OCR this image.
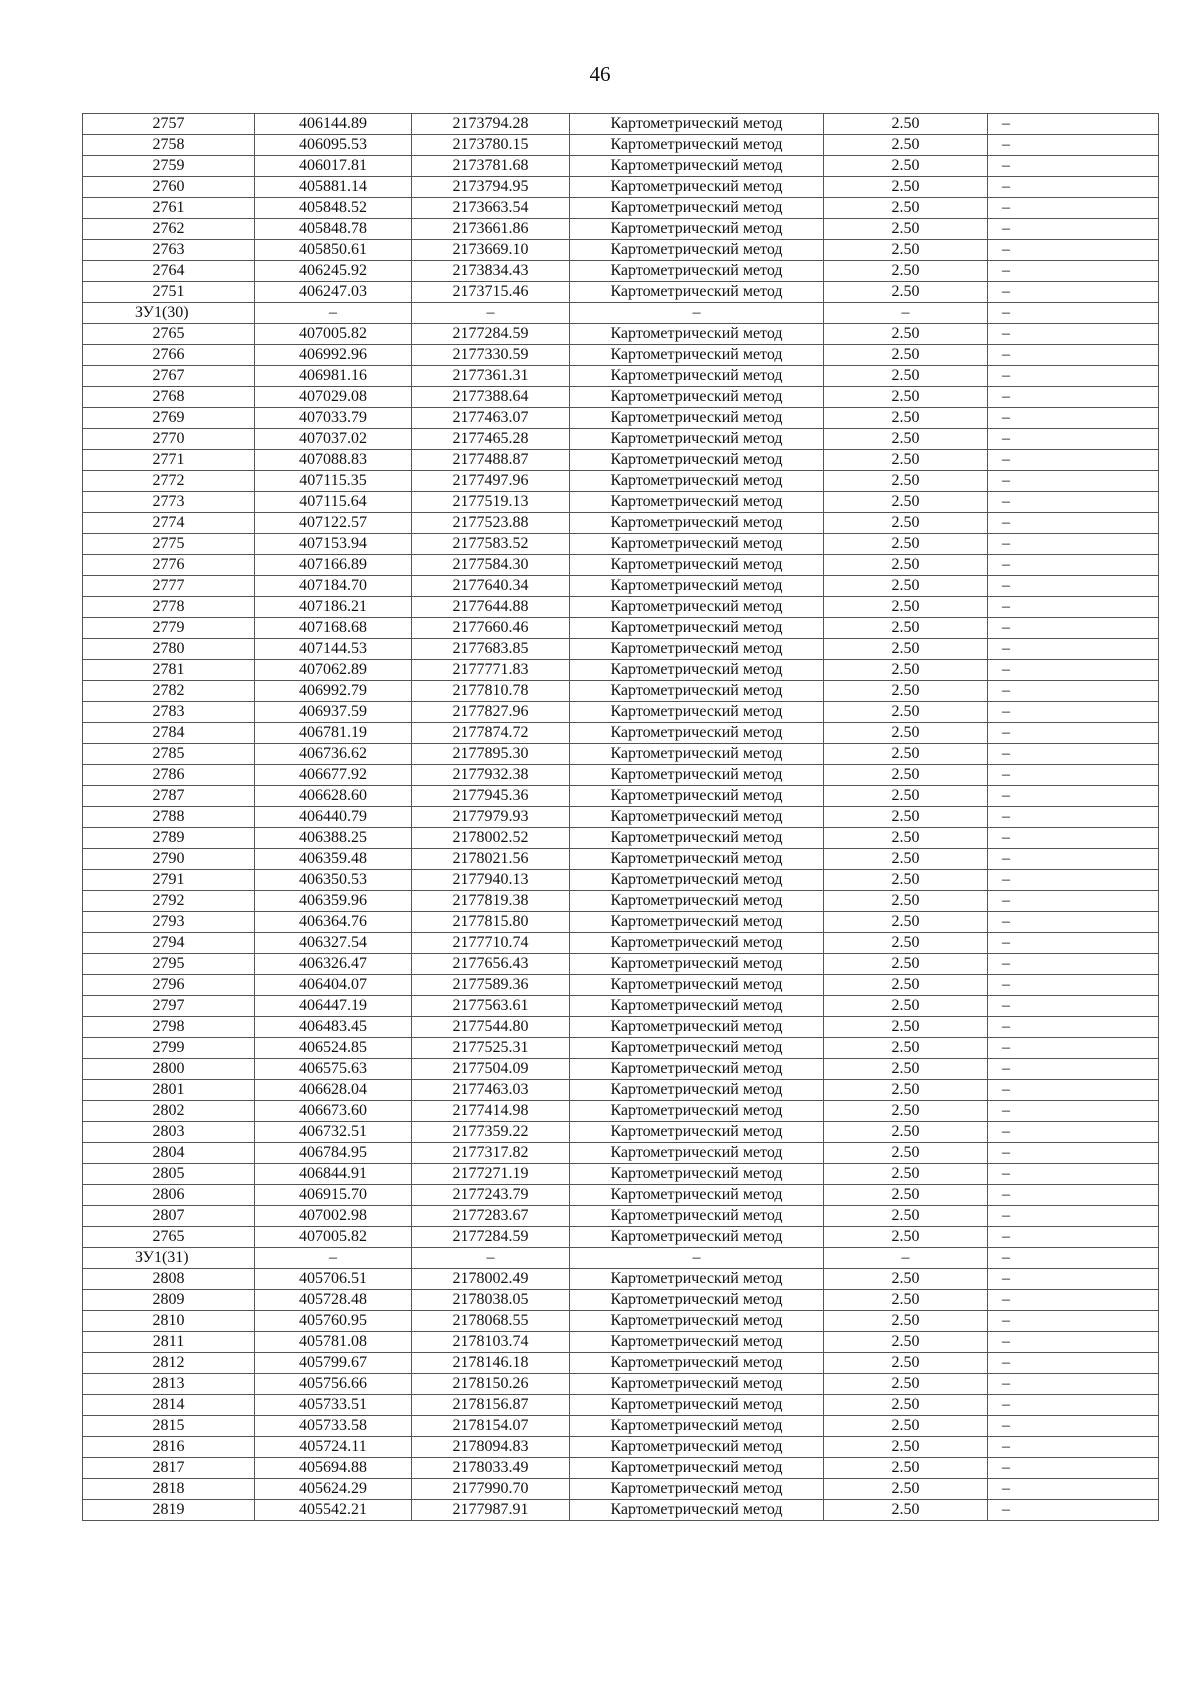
46
2757	406144.89	2173794.28	Картометрический метод	2.50	–
2758	406095.53	2173780.15	Картометрический метод	2.50	–
2759	406017.81	2173781.68	Картометрический метод	2.50	–
2760	405881.14	2173794.95	Картометрический метод	2.50	–
2761	405848.52	2173663.54	Картометрический метод	2.50	–
2762	405848.78	2173661.86	Картометрический метод	2.50	–
2763	405850.61	2173669.10	Картометрический метод	2.50	–
2764	406245.92	2173834.43	Картометрический метод	2.50	–
2751	406247.03	2173715.46	Картометрический метод	2.50	–
ЗУ1(30)	–	–	–	–	–
2765	407005.82	2177284.59	Картометрический метод	2.50	–
2766	406992.96	2177330.59	Картометрический метод	2.50	–
2767	406981.16	2177361.31	Картометрический метод	2.50	–
2768	407029.08	2177388.64	Картометрический метод	2.50	–
2769	407033.79	2177463.07	Картометрический метод	2.50	–
2770	407037.02	2177465.28	Картометрический метод	2.50	–
2771	407088.83	2177488.87	Картометрический метод	2.50	–
2772	407115.35	2177497.96	Картометрический метод	2.50	–
2773	407115.64	2177519.13	Картометрический метод	2.50	–
2774	407122.57	2177523.88	Картометрический метод	2.50	–
2775	407153.94	2177583.52	Картометрический метод	2.50	–
2776	407166.89	2177584.30	Картометрический метод	2.50	–
2777	407184.70	2177640.34	Картометрический метод	2.50	–
2778	407186.21	2177644.88	Картометрический метод	2.50	–
2779	407168.68	2177660.46	Картометрический метод	2.50	–
2780	407144.53	2177683.85	Картометрический метод	2.50	–
2781	407062.89	2177771.83	Картометрический метод	2.50	–
2782	406992.79	2177810.78	Картометрический метод	2.50	–
2783	406937.59	2177827.96	Картометрический метод	2.50	–
2784	406781.19	2177874.72	Картометрический метод	2.50	–
2785	406736.62	2177895.30	Картометрический метод	2.50	–
2786	406677.92	2177932.38	Картометрический метод	2.50	–
2787	406628.60	2177945.36	Картометрический метод	2.50	–
2788	406440.79	2177979.93	Картометрический метод	2.50	–
2789	406388.25	2178002.52	Картометрический метод	2.50	–
2790	406359.48	2178021.56	Картометрический метод	2.50	–
2791	406350.53	2177940.13	Картометрический метод	2.50	–
2792	406359.96	2177819.38	Картометрический метод	2.50	–
2793	406364.76	2177815.80	Картометрический метод	2.50	–
2794	406327.54	2177710.74	Картометрический метод	2.50	–
2795	406326.47	2177656.43	Картометрический метод	2.50	–
2796	406404.07	2177589.36	Картометрический метод	2.50	–
2797	406447.19	2177563.61	Картометрический метод	2.50	–
2798	406483.45	2177544.80	Картометрический метод	2.50	–
2799	406524.85	2177525.31	Картометрический метод	2.50	–
2800	406575.63	2177504.09	Картометрический метод	2.50	–
2801	406628.04	2177463.03	Картометрический метод	2.50	–
2802	406673.60	2177414.98	Картометрический метод	2.50	–
2803	406732.51	2177359.22	Картометрический метод	2.50	–
2804	406784.95	2177317.82	Картометрический метод	2.50	–
2805	406844.91	2177271.19	Картометрический метод	2.50	–
2806	406915.70	2177243.79	Картометрический метод	2.50	–
2807	407002.98	2177283.67	Картометрический метод	2.50	–
2765	407005.82	2177284.59	Картометрический метод	2.50	–
ЗУ1(31)	–	–	–	–	–
2808	405706.51	2178002.49	Картометрический метод	2.50	–
2809	405728.48	2178038.05	Картометрический метод	2.50	–
2810	405760.95	2178068.55	Картометрический метод	2.50	–
2811	405781.08	2178103.74	Картометрический метод	2.50	–
2812	405799.67	2178146.18	Картометрический метод	2.50	–
2813	405756.66	2178150.26	Картометрический метод	2.50	–
2814	405733.51	2178156.87	Картометрический метод	2.50	–
2815	405733.58	2178154.07	Картометрический метод	2.50	–
2816	405724.11	2178094.83	Картометрический метод	2.50	–
2817	405694.88	2178033.49	Картометрический метод	2.50	–
2818	405624.29	2177990.70	Картометрический метод	2.50	–
2819	405542.21	2177987.91	Картометрический метод	2.50	–
